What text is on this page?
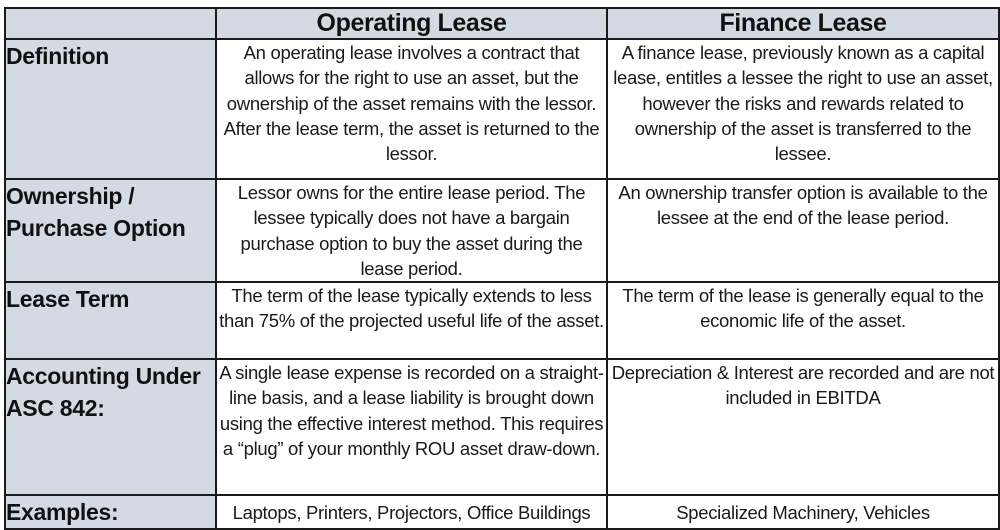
	Operating Lease	Finance Lease
Definition	An operating lease involves a contract that allows for the right to use an asset, but the ownership of the asset remains with the lessor. After the lease term, the asset is returned to the lessor.	A finance lease, previously known as a capital lease, entitles a lessee the right to use an asset, however the risks and rewards related to ownership of the asset is transferred to the lessee.
Ownership / Purchase Option	Lessor owns for the entire lease period. The lessee typically does not have a bargain purchase option to buy the asset during the lease period.	An ownership transfer option is available to the lessee at the end of the lease period.
Lease Term	The term of the lease typically extends to less than 75% of the projected useful life of the asset.	The term of the lease is generally equal to the economic life of the asset.
Accounting Under ASC 842:	A single lease expense is recorded on a straight-line basis, and a lease liability is brought down using the effective interest method. This requires a “plug” of your monthly ROU asset draw-down.	Depreciation & Interest are recorded and are not included in EBITDA
Examples:	Laptops, Printers, Projectors, Office Buildings	Specialized Machinery, Vehicles
